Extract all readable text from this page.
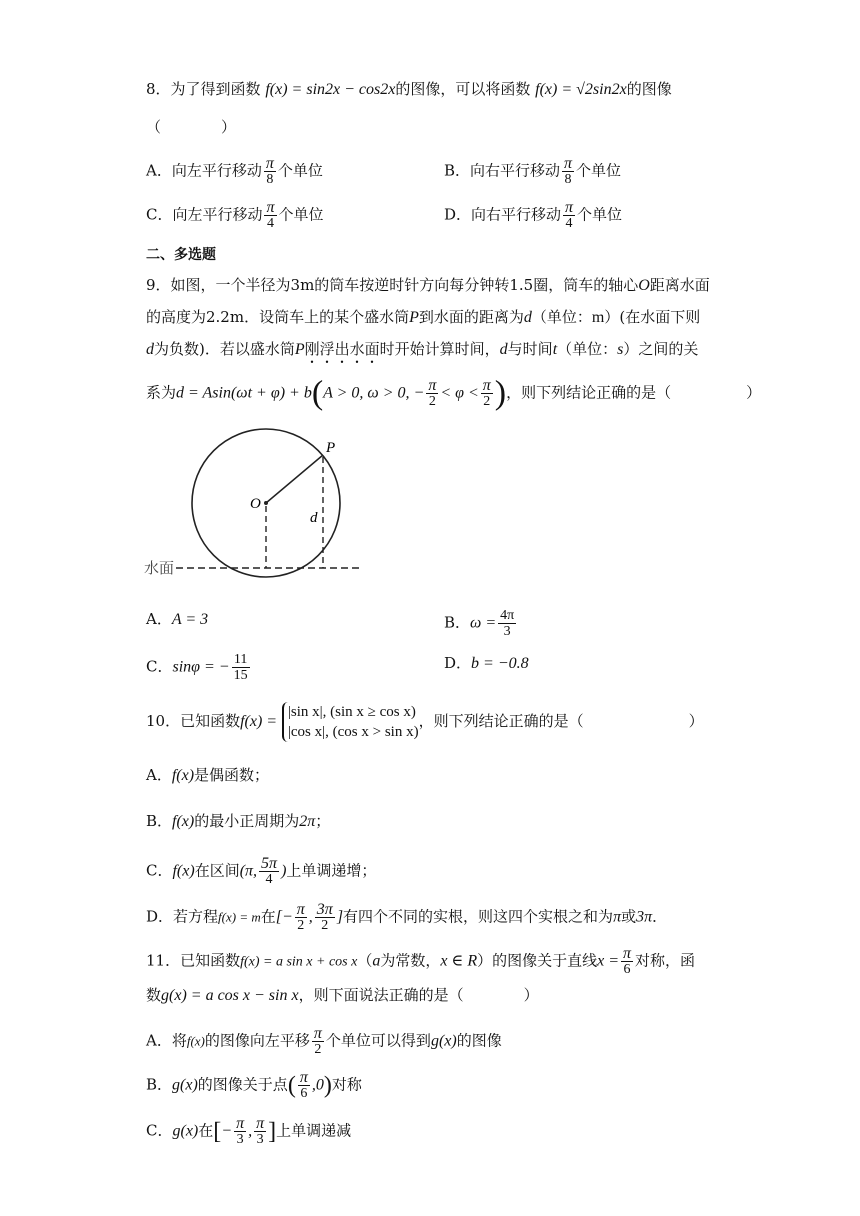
8．为了得到函数 f(x) = sin2x − cos2x的图像，可以将函数 f(x) = √2sin2x的图像
（　　　　）
A．向左平行移动 $\frac{\pi}{8}$ 个单位	B．向右平行移动 $\frac{\pi}{8}$ 个单位
C．向左平行移动 $\frac{\pi}{4}$ 个单位	D．向右平行移动 $\frac{\pi}{4}$ 个单位
二、多选题
9．如图，一个半径为3m的筒车按逆时针方向每分钟转1.5圈，筒车的轴心O距离水面
的高度为2.2m．设筒车上的某个盛水筒P到水面的距离为d（单位：m）(在水面下则
d为负数)．若以盛水筒P刚浮出水面时开始计算时间，d与时间t（单位：s）之间的关
系为d = Asin(ωt + φ) + b(A > 0, ω > 0, − $\frac{\pi}{2} < \varphi < \frac{\pi}{2}$ )，则下列结论正确的是（　　　　　）
P
O
d
水面
A．A = 3	B．$\omega = \frac{4\pi}{3}$
C．sinφ = − $\frac{11}{15}$	D．b = −0.8
10．已知函数f(x) =
|sin x|, (sin x ≥ cos x)
|cos x|, (cos x > sin x)
，则下列结论正确的是（　　　　　　　）
A．f(x)是偶函数；
B．f(x)的最小正周期为2π；
C．f(x)在区间(π, $\frac{5\pi}{4}$ )上单调递增；
D．若方程f(x) = m在[− $\frac{\pi}{2}$ , $\frac{3\pi}{2}$ ]有四个不同的实根，则这四个实根之和为π或3π．
11．已知函数f(x) = a sin x + cos x（a为常数，x ∈ R）的图像关于直线$x = \frac{\pi}{6}$ 对称，函
数g(x) = a cos x − sin x，则下面说法正确的是（　　　　）
A．将f(x)的图像向左平移 $\frac{\pi}{2}$ 个单位可以得到g(x)的图像
B．g(x)的图像关于点( $\frac{\pi}{6} ,0$)对称
C．g(x)在[− $\frac{\pi}{3}$ , $\frac{\pi}{3}$ ]上单调递减
